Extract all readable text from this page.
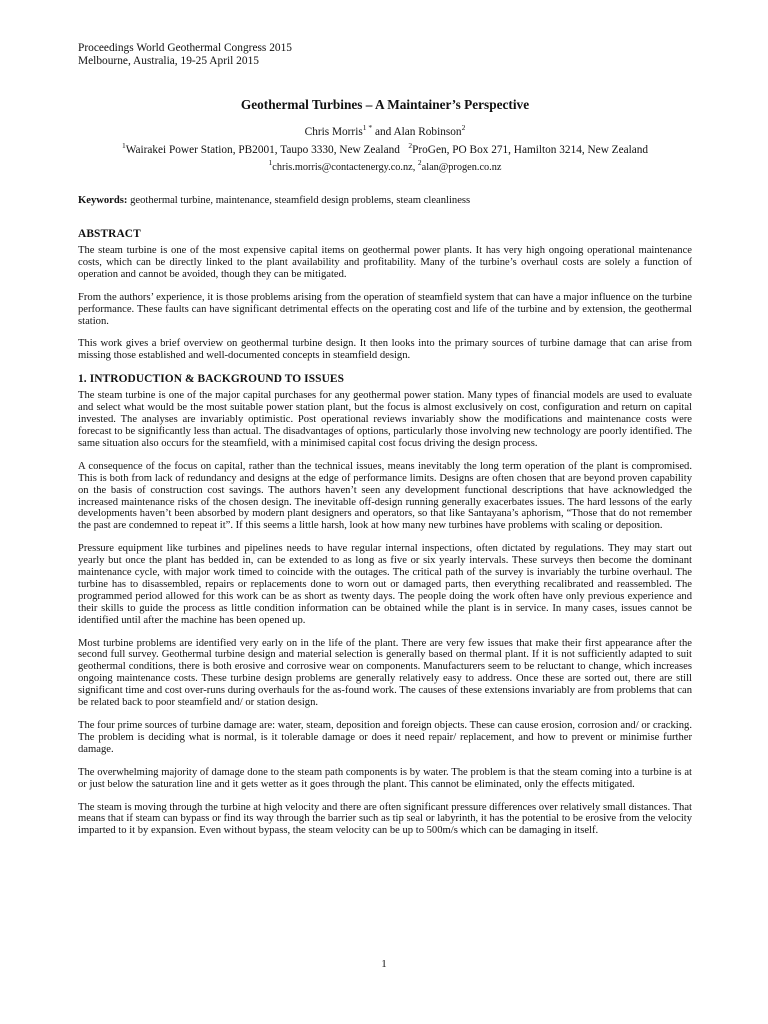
Proceedings World Geothermal Congress 2015
Melbourne, Australia, 19-25 April 2015
Geothermal Turbines – A Maintainer’s Perspective
Chris Morris$^{1 *}$ and Alan Robinson$^2$
$^1$Wairakei Power Station, PB2001, Taupo 3330, New Zealand $^2$ProGen, PO Box 271, Hamilton 3214, New Zealand
$^1$chris.morris@contactenergy.co.nz, $^2$alan@progen.co.nz
Keywords: geothermal turbine, maintenance, steamfield design problems, steam cleanliness
ABSTRACT

The steam turbine is one of the most expensive capital items on geothermal power plants. It has very high ongoing operational maintenance costs, which can be directly linked to the plant availability and profitability. Many of the turbine’s overhaul costs are solely a function of operation and cannot be avoided, though they can be mitigated.

From the authors’ experience, it is those problems arising from the operation of steamfield system that can have a major influence on the turbine performance. These faults can have significant detrimental effects on the operating cost and life of the turbine and by extension, the geothermal station.

This work gives a brief overview on geothermal turbine design. It then looks into the primary sources of turbine damage that can arise from missing those established and well-documented concepts in steamfield design.

1. INTRODUCTION & BACKGROUND TO ISSUES

The steam turbine is one of the major capital purchases for any geothermal power station. Many types of financial models are used to evaluate and select what would be the most suitable power station plant, but the focus is almost exclusively on cost, configuration and return on capital invested. The analyses are invariably optimistic. Post operational reviews invariably show the modifications and maintenance costs were forecast to be significantly less than actual. The disadvantages of options, particularly those involving new technology are poorly identified. The same situation also occurs for the steamfield, with a minimised capital cost focus driving the design process.

A consequence of the focus on capital, rather than the technical issues, means inevitably the long term operation of the plant is compromised. This is both from lack of redundancy and designs at the edge of performance limits. Designs are often chosen that are beyond proven capability on the basis of construction cost savings. The authors haven’t seen any development functional descriptions that have acknowledged the increased maintenance risks of the chosen design. The inevitable off-design running generally exacerbates issues. The hard lessons of the early developments haven’t been absorbed by modern plant designers and operators, so that like Santayana’s aphorism, “Those that do not remember the past are condemned to repeat it”. If this seems a little harsh, look at how many new turbines have problems with scaling or deposition.

Pressure equipment like turbines and pipelines needs to have regular internal inspections, often dictated by regulations. They may start out yearly but once the plant has bedded in, can be extended to as long as five or six yearly intervals. These surveys then become the dominant maintenance cycle, with major work timed to coincide with the outages. The critical path of the survey is invariably the turbine overhaul. The turbine has to disassembled, repairs or replacements done to worn out or damaged parts, then everything recalibrated and reassembled. The programmed period allowed for this work can be as short as twenty days. The people doing the work often have only previous experience and their skills to guide the process as little condition information can be obtained while the plant is in service. In many cases, issues cannot be identified until after the machine has been opened up.

Most turbine problems are identified very early on in the life of the plant. There are very few issues that make their first appearance after the second full survey. Geothermal turbine design and material selection is generally based on thermal plant. If it is not sufficiently adapted to suit geothermal conditions, there is both erosive and corrosive wear on components. Manufacturers seem to be reluctant to change, which increases ongoing maintenance costs. These turbine design problems are generally relatively easy to address. Once these are sorted out, there are still significant time and cost over-runs during overhauls for the as-found work. The causes of these extensions invariably are from problems that can be related back to poor steamfield and/ or station design.

The four prime sources of turbine damage are: water, steam, deposition and foreign objects. These can cause erosion, corrosion and/ or cracking. The problem is deciding what is normal, is it tolerable damage or does it need repair/ replacement, and how to prevent or minimise further damage.

The overwhelming majority of damage done to the steam path components is by water. The problem is that the steam coming into a turbine is at or just below the saturation line and it gets wetter as it goes through the plant. This cannot be eliminated, only the effects mitigated.

The steam is moving through the turbine at high velocity and there are often significant pressure differences over relatively small distances. That means that if steam can bypass or find its way through the barrier such as tip seal or labyrinth, it has the potential to be erosive from the velocity imparted to it by expansion. Even without bypass, the steam velocity can be up to 500m/s which can be damaging in itself.

1
